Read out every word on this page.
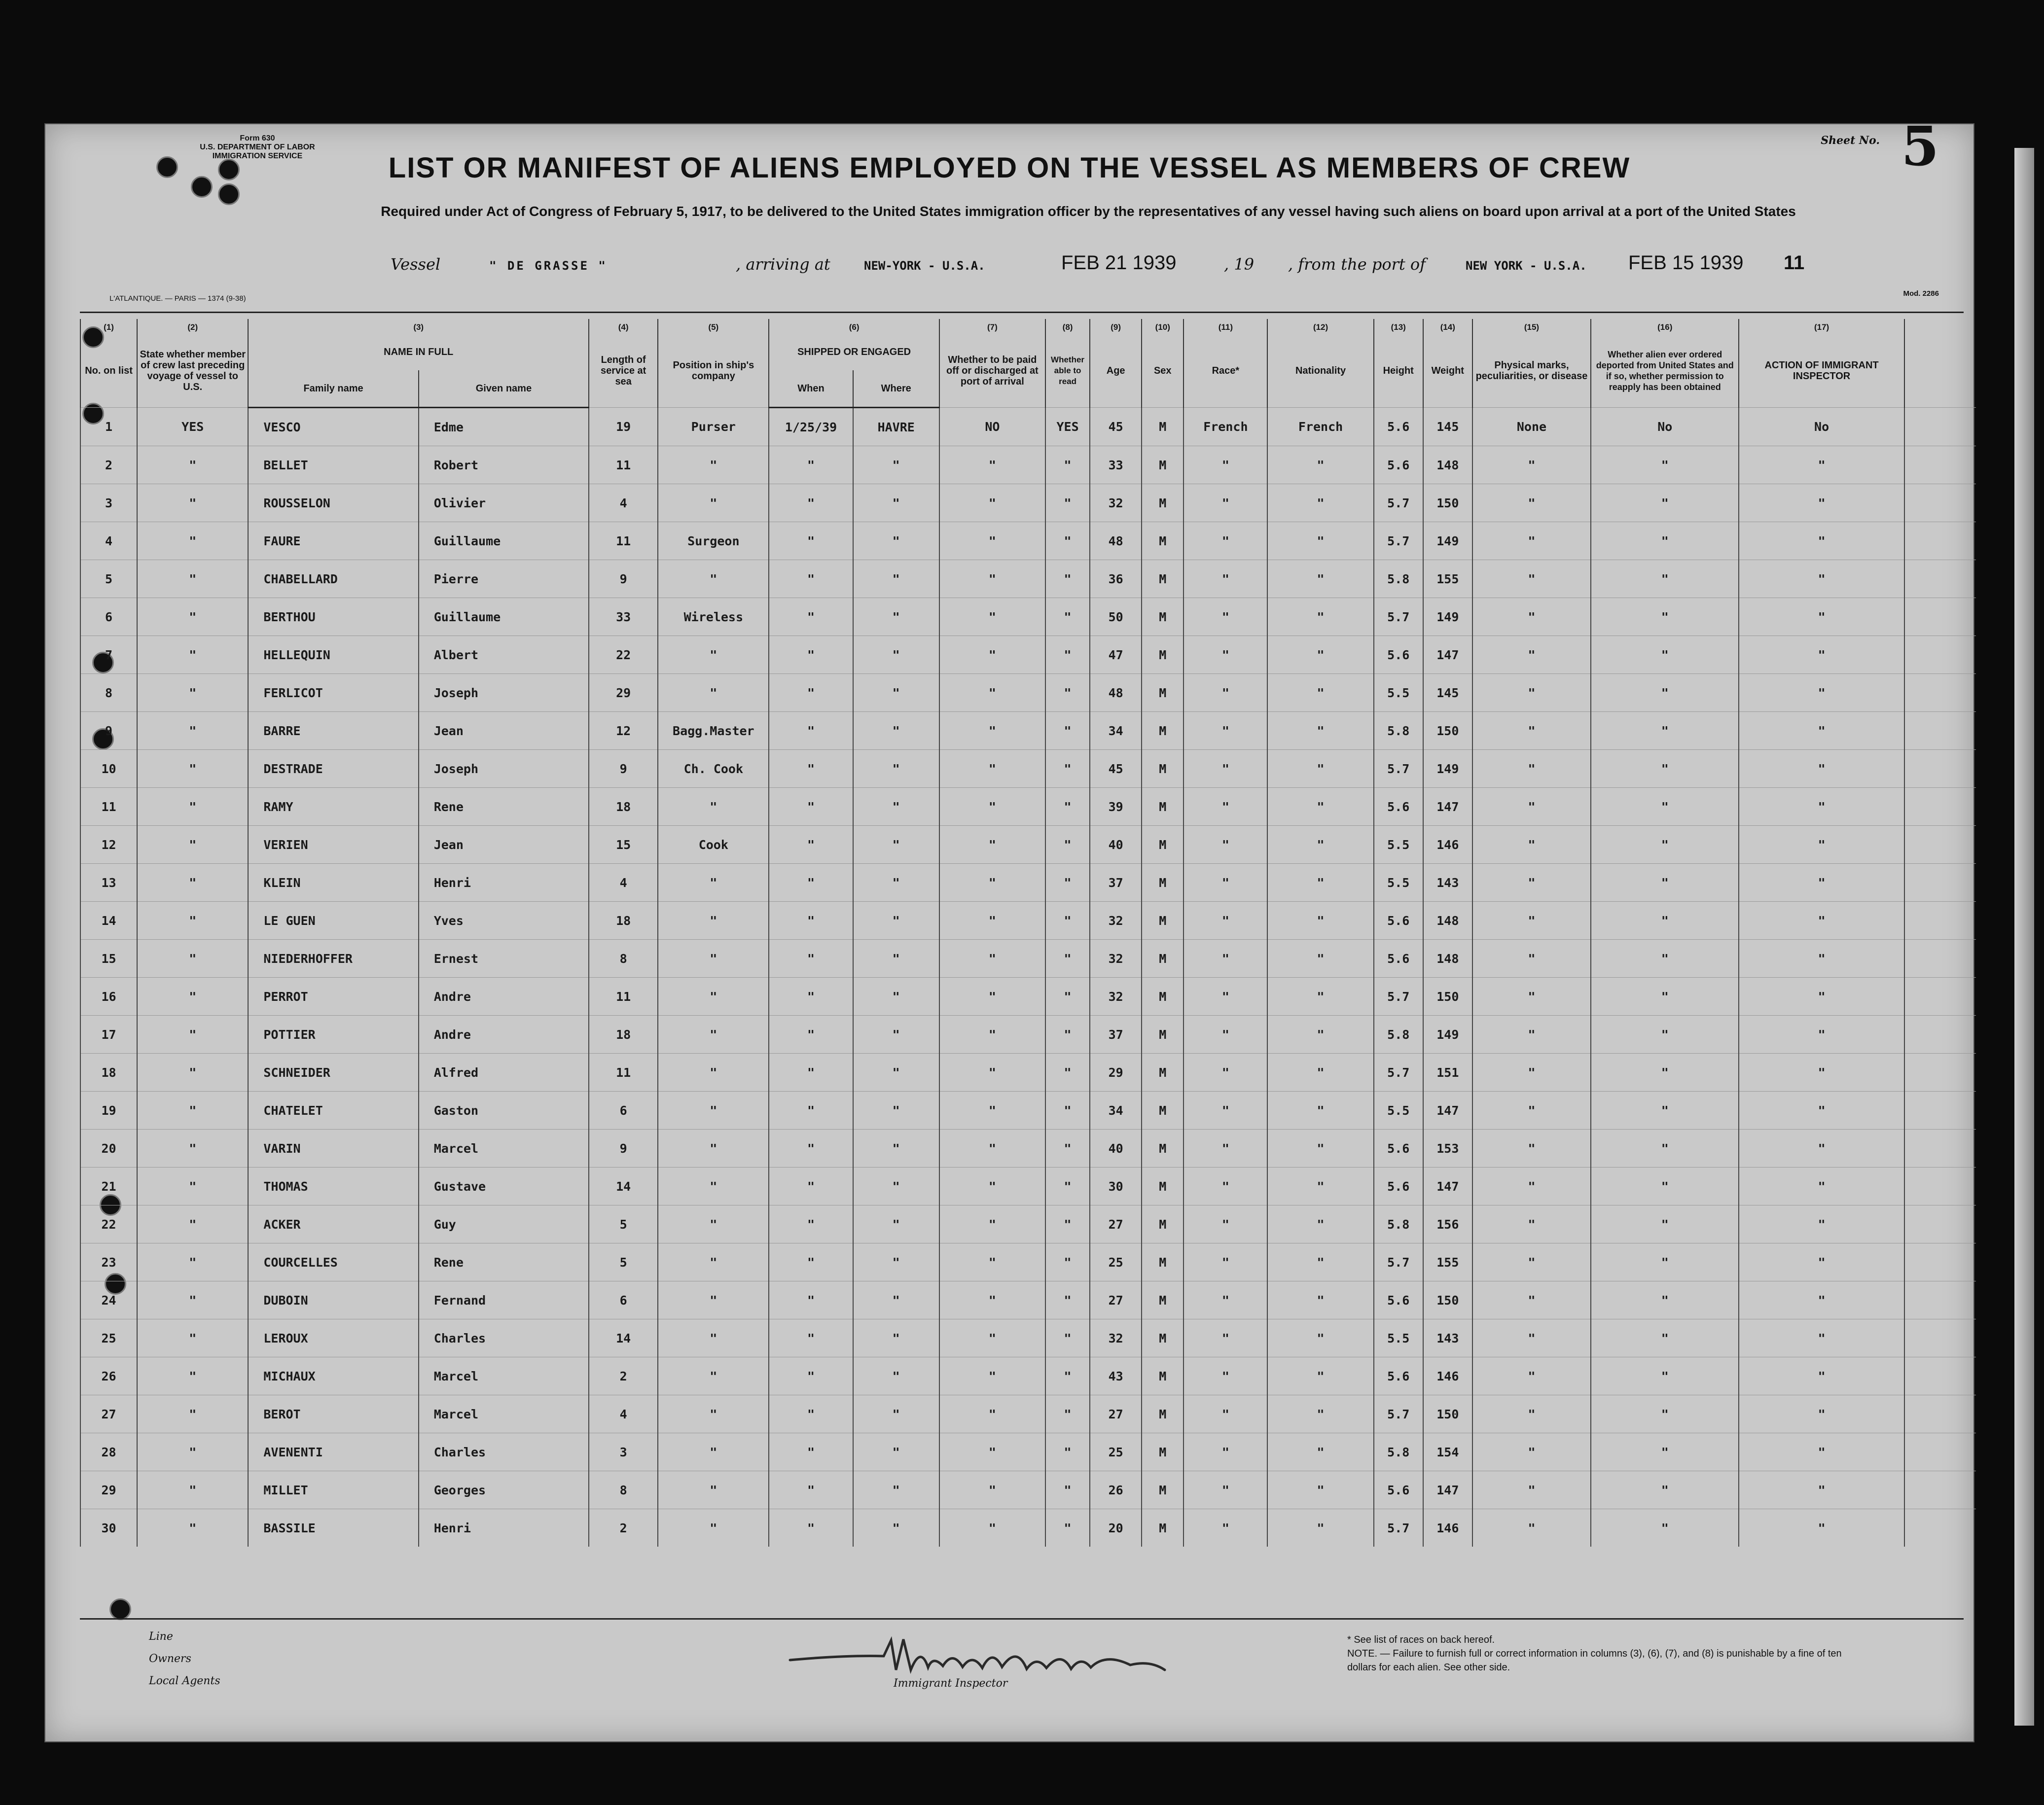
Form 630
U.S. DEPARTMENT OF LABOR
IMMIGRATION SERVICE
Sheet No. 5
LIST OR MANIFEST OF ALIENS EMPLOYED ON THE VESSEL AS MEMBERS OF CREW
Required under Act of Congress of February 5, 1917, to be delivered to the United States immigration officer by the representatives of any vessel having such aliens on board upon arrival at a port of the United States
Vessel	" DE GRASSE "	, arriving at	NEW-YORK - U.S.A.	FEB 21 1939	, 19 , from the port of	NEW YORK - U.S.A. FEB 15 1939 11
L'ATLANTIQUE. — PARIS — 1374 (9-38)
Mod. 2286
(1)	(2)	(3)		(4)	(5)	(6)		(7)	(8)	(9)	(10)	(11)	(12)	(13)	(14)	(15)	(16)	(17)	
No. on list	State whether member of crew last preceding voyage of vessel to U.S.	NAME IN FULL		Length of service at sea	Position in ship's company	SHIPPED OR ENGAGED		Whether to be paid off or discharged at port of arrival	Whether able to read	Age	Sex	Race*	Nationality	Height	Weight	Physical marks, peculiarities, or disease	Whether alien ever ordered deported from United States and if so, whether permission to reapply has been obtained	ACTION OF IMMIGRANT INSPECTOR	
		Family name	Given name			When	Where												
1	YES	VESCO	Edme	19	Purser	1/25/39	HAVRE	NO	YES	45	M	French	French	5.6	145	None	No	No	
2	"	BELLET	Robert	11	"	"	"	"	"	33	M	"	"	5.6	148	"	"	"	
3	"	ROUSSELON	Olivier	4	"	"	"	"	"	32	M	"	"	5.7	150	"	"	"	
4	"	FAURE	Guillaume	11	Surgeon	"	"	"	"	48	M	"	"	5.7	149	"	"	"	
5	"	CHABELLARD	Pierre	9	"	"	"	"	"	36	M	"	"	5.8	155	"	"	"	
6	"	BERTHOU	Guillaume	33	Wireless	"	"	"	"	50	M	"	"	5.7	149	"	"	"	
7	"	HELLEQUIN	Albert	22	"	"	"	"	"	47	M	"	"	5.6	147	"	"	"	
8	"	FERLICOT	Joseph	29	"	"	"	"	"	48	M	"	"	5.5	145	"	"	"	
9	"	BARRE	Jean	12	Bagg.Master	"	"	"	"	34	M	"	"	5.8	150	"	"	"	
10	"	DESTRADE	Joseph	9	Ch. Cook	"	"	"	"	45	M	"	"	5.7	149	"	"	"	
11	"	RAMY	Rene	18	"	"	"	"	"	39	M	"	"	5.6	147	"	"	"	
12	"	VERIEN	Jean	15	Cook	"	"	"	"	40	M	"	"	5.5	146	"	"	"	
13	"	KLEIN	Henri	4	"	"	"	"	"	37	M	"	"	5.5	143	"	"	"	
14	"	LE GUEN	Yves	18	"	"	"	"	"	32	M	"	"	5.6	148	"	"	"	
15	"	NIEDERHOFFER	Ernest	8	"	"	"	"	"	32	M	"	"	5.6	148	"	"	"	
16	"	PERROT	Andre	11	"	"	"	"	"	32	M	"	"	5.7	150	"	"	"	
17	"	POTTIER	Andre	18	"	"	"	"	"	37	M	"	"	5.8	149	"	"	"	
18	"	SCHNEIDER	Alfred	11	"	"	"	"	"	29	M	"	"	5.7	151	"	"	"	
19	"	CHATELET	Gaston	6	"	"	"	"	"	34	M	"	"	5.5	147	"	"	"	
20	"	VARIN	Marcel	9	"	"	"	"	"	40	M	"	"	5.6	153	"	"	"	
21	"	THOMAS	Gustave	14	"	"	"	"	"	30	M	"	"	5.6	147	"	"	"	
22	"	ACKER	Guy	5	"	"	"	"	"	27	M	"	"	5.8	156	"	"	"	
23	"	COURCELLES	Rene	5	"	"	"	"	"	25	M	"	"	5.7	155	"	"	"	
24	"	DUBOIN	Fernand	6	"	"	"	"	"	27	M	"	"	5.6	150	"	"	"	
25	"	LEROUX	Charles	14	"	"	"	"	"	32	M	"	"	5.5	143	"	"	"	
26	"	MICHAUX	Marcel	2	"	"	"	"	"	43	M	"	"	5.6	146	"	"	"	
27	"	BEROT	Marcel	4	"	"	"	"	"	27	M	"	"	5.7	150	"	"	"	
28	"	AVENENTI	Charles	3	"	"	"	"	"	25	M	"	"	5.8	154	"	"	"	
29	"	MILLET	Georges	8	"	"	"	"	"	26	M	"	"	5.6	147	"	"	"	
30	"	BASSILE	Henri	2	"	"	"	"	"	20	M	"	"	5.7	146	"	"	"	
Line
Owners
Local Agents	Immigrant Inspector
* See list of races on back hereof.
NOTE. — Failure to furnish full or correct information in columns (3), (6), (7), and (8) is punishable by a fine of ten dollars for each alien. See other side.
